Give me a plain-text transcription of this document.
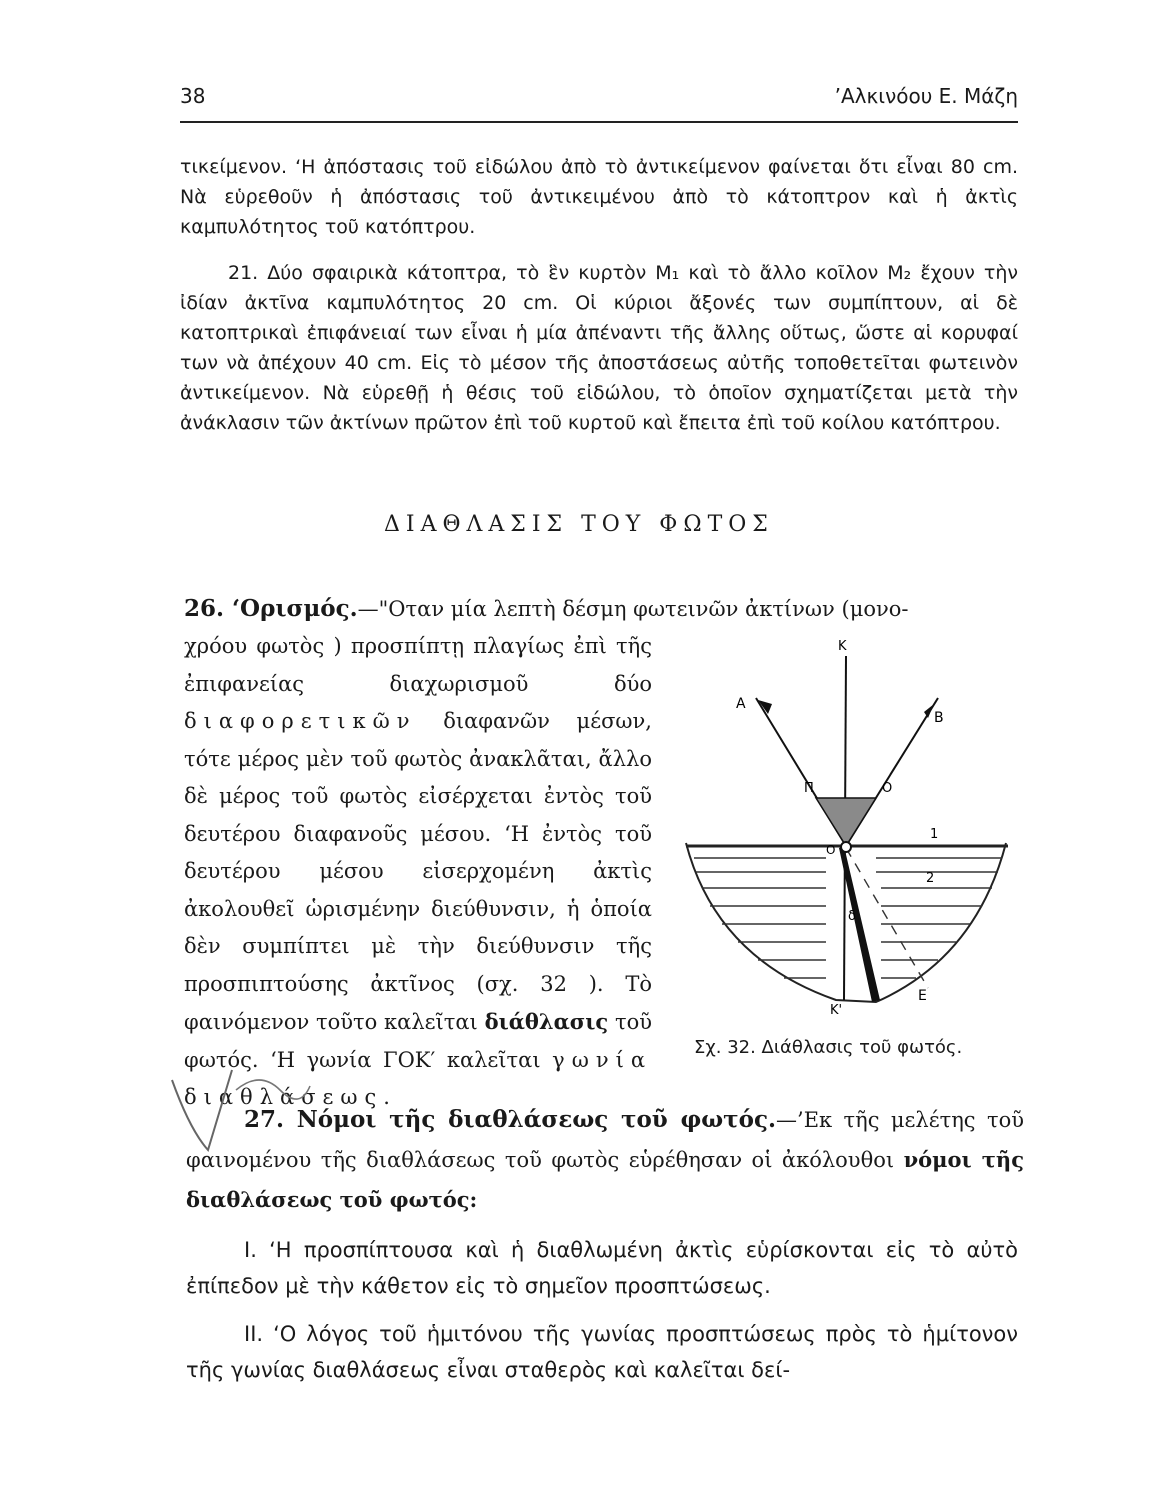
38	’Αλκινόου Ε. Μάζη

τικείμενον. ‘Η ἀπόστασις τοῦ εἰδώλου ἀπὸ τὸ ἀντικείμενον φαίνεται ὅτι εἶναι 80 cm. Νὰ εὑρεθοῦν ἡ ἀπόστασις τοῦ ἀντικειμένου ἀπὸ τὸ κάτοπτρον καὶ ἡ ἀκτὶς καμπυλότητος τοῦ κατόπτρου.

21. Δύο σφαιρικὰ κάτοπτρα, τὸ ἓν κυρτὸν Μ₁ καὶ τὸ ἄλλο κοῖλον Μ₂ ἔχουν τὴν ἰδίαν ἀκτῖνα καμπυλότητος 20 cm. Οἱ κύριοι ἄξονές των συμπίπτουν, αἱ δὲ κατοπτρικαὶ ἐπιφάνειαί των εἶναι ἡ μία ἀπέναντι τῆς ἄλλης οὕτως, ὥστε αἱ κορυφαί των νὰ ἀπέχουν 40 cm. Εἰς τὸ μέσον τῆς ἀποστάσεως αὐτῆς τοποθετεῖται φωτεινὸν ἀντικείμενον. Νὰ εὑρεθῇ ἡ θέσις τοῦ εἰδώλου, τὸ ὁποῖον σχηματίζεται μετὰ τὴν ἀνάκλασιν τῶν ἀκτίνων πρῶτον ἐπὶ τοῦ κυρτοῦ καὶ ἔπειτα ἐπὶ τοῦ κοίλου κατόπτρου.

ΔΙΑΘΛΑΣΙΣ ΤΟΥ ΦΩΤΟΣ
26. ‘Ορισμός.—"Οταν μία λεπτὴ δέσμη φωτεινῶν ἀκτίνων (μονο-

χρόου φωτὸς ) προσπίπτῃ πλαγίως ἐπὶ τῆς ἐπιφανείας διαχωρισμοῦ δύο διαφορετικῶν διαφανῶν μέσων, τότε μέρος μὲν τοῦ φωτὸς ἀνακλᾶται, ἄλλο δὲ μέρος τοῦ φωτὸς εἰσέρχεται ἐντὸς τοῦ δευτέρου διαφανοῦς μέσου. ‘Η ἐντὸς τοῦ δευτέρου μέσου εἰσερχομένη ἀκτὶς ἀκολουθεῖ ὡρισμένην διεύθυνσιν, ἡ ὁποία δὲν συμπίπτει μὲ τὴν διεύθυνσιν τῆς προσπιπτούσης ἀκτῖνος (σχ. 32 ). Τὸ φαινόμενον τοῦτο καλεῖται διάθλασις τοῦ φωτός. ‘Η γωνία ΓΟΚ′ καλεῖται γωνία διαθλάσεως.

K
A
B
Π	O
O
1
2
δ
K'
E
Σχ. 32. Διάθλασις τοῦ φωτός.

27. Νόμοι τῆς διαθλάσεως τοῦ φωτός.—’Εκ τῆς μελέτης τοῦ φαινομένου τῆς διαθλάσεως τοῦ φωτὸς εὑρέθησαν οἱ ἀκόλουθοι νόμοι τῆς διαθλάσεως τοῦ φωτός:

I. ‘Η προσπίπτουσα καὶ ἡ διαθλωμένη ἀκτὶς εὑρίσκονται εἰς τὸ αὐτὸ ἐπίπεδον μὲ τὴν κάθετον εἰς τὸ σημεῖον προσπτώσεως.

II. ‘Ο λόγος τοῦ ἡμιτόνου τῆς γωνίας προσπτώσεως πρὸς τὸ ἡμίτονον τῆς γωνίας διαθλάσεως εἶναι σταθερὸς καὶ καλεῖται δεί-
